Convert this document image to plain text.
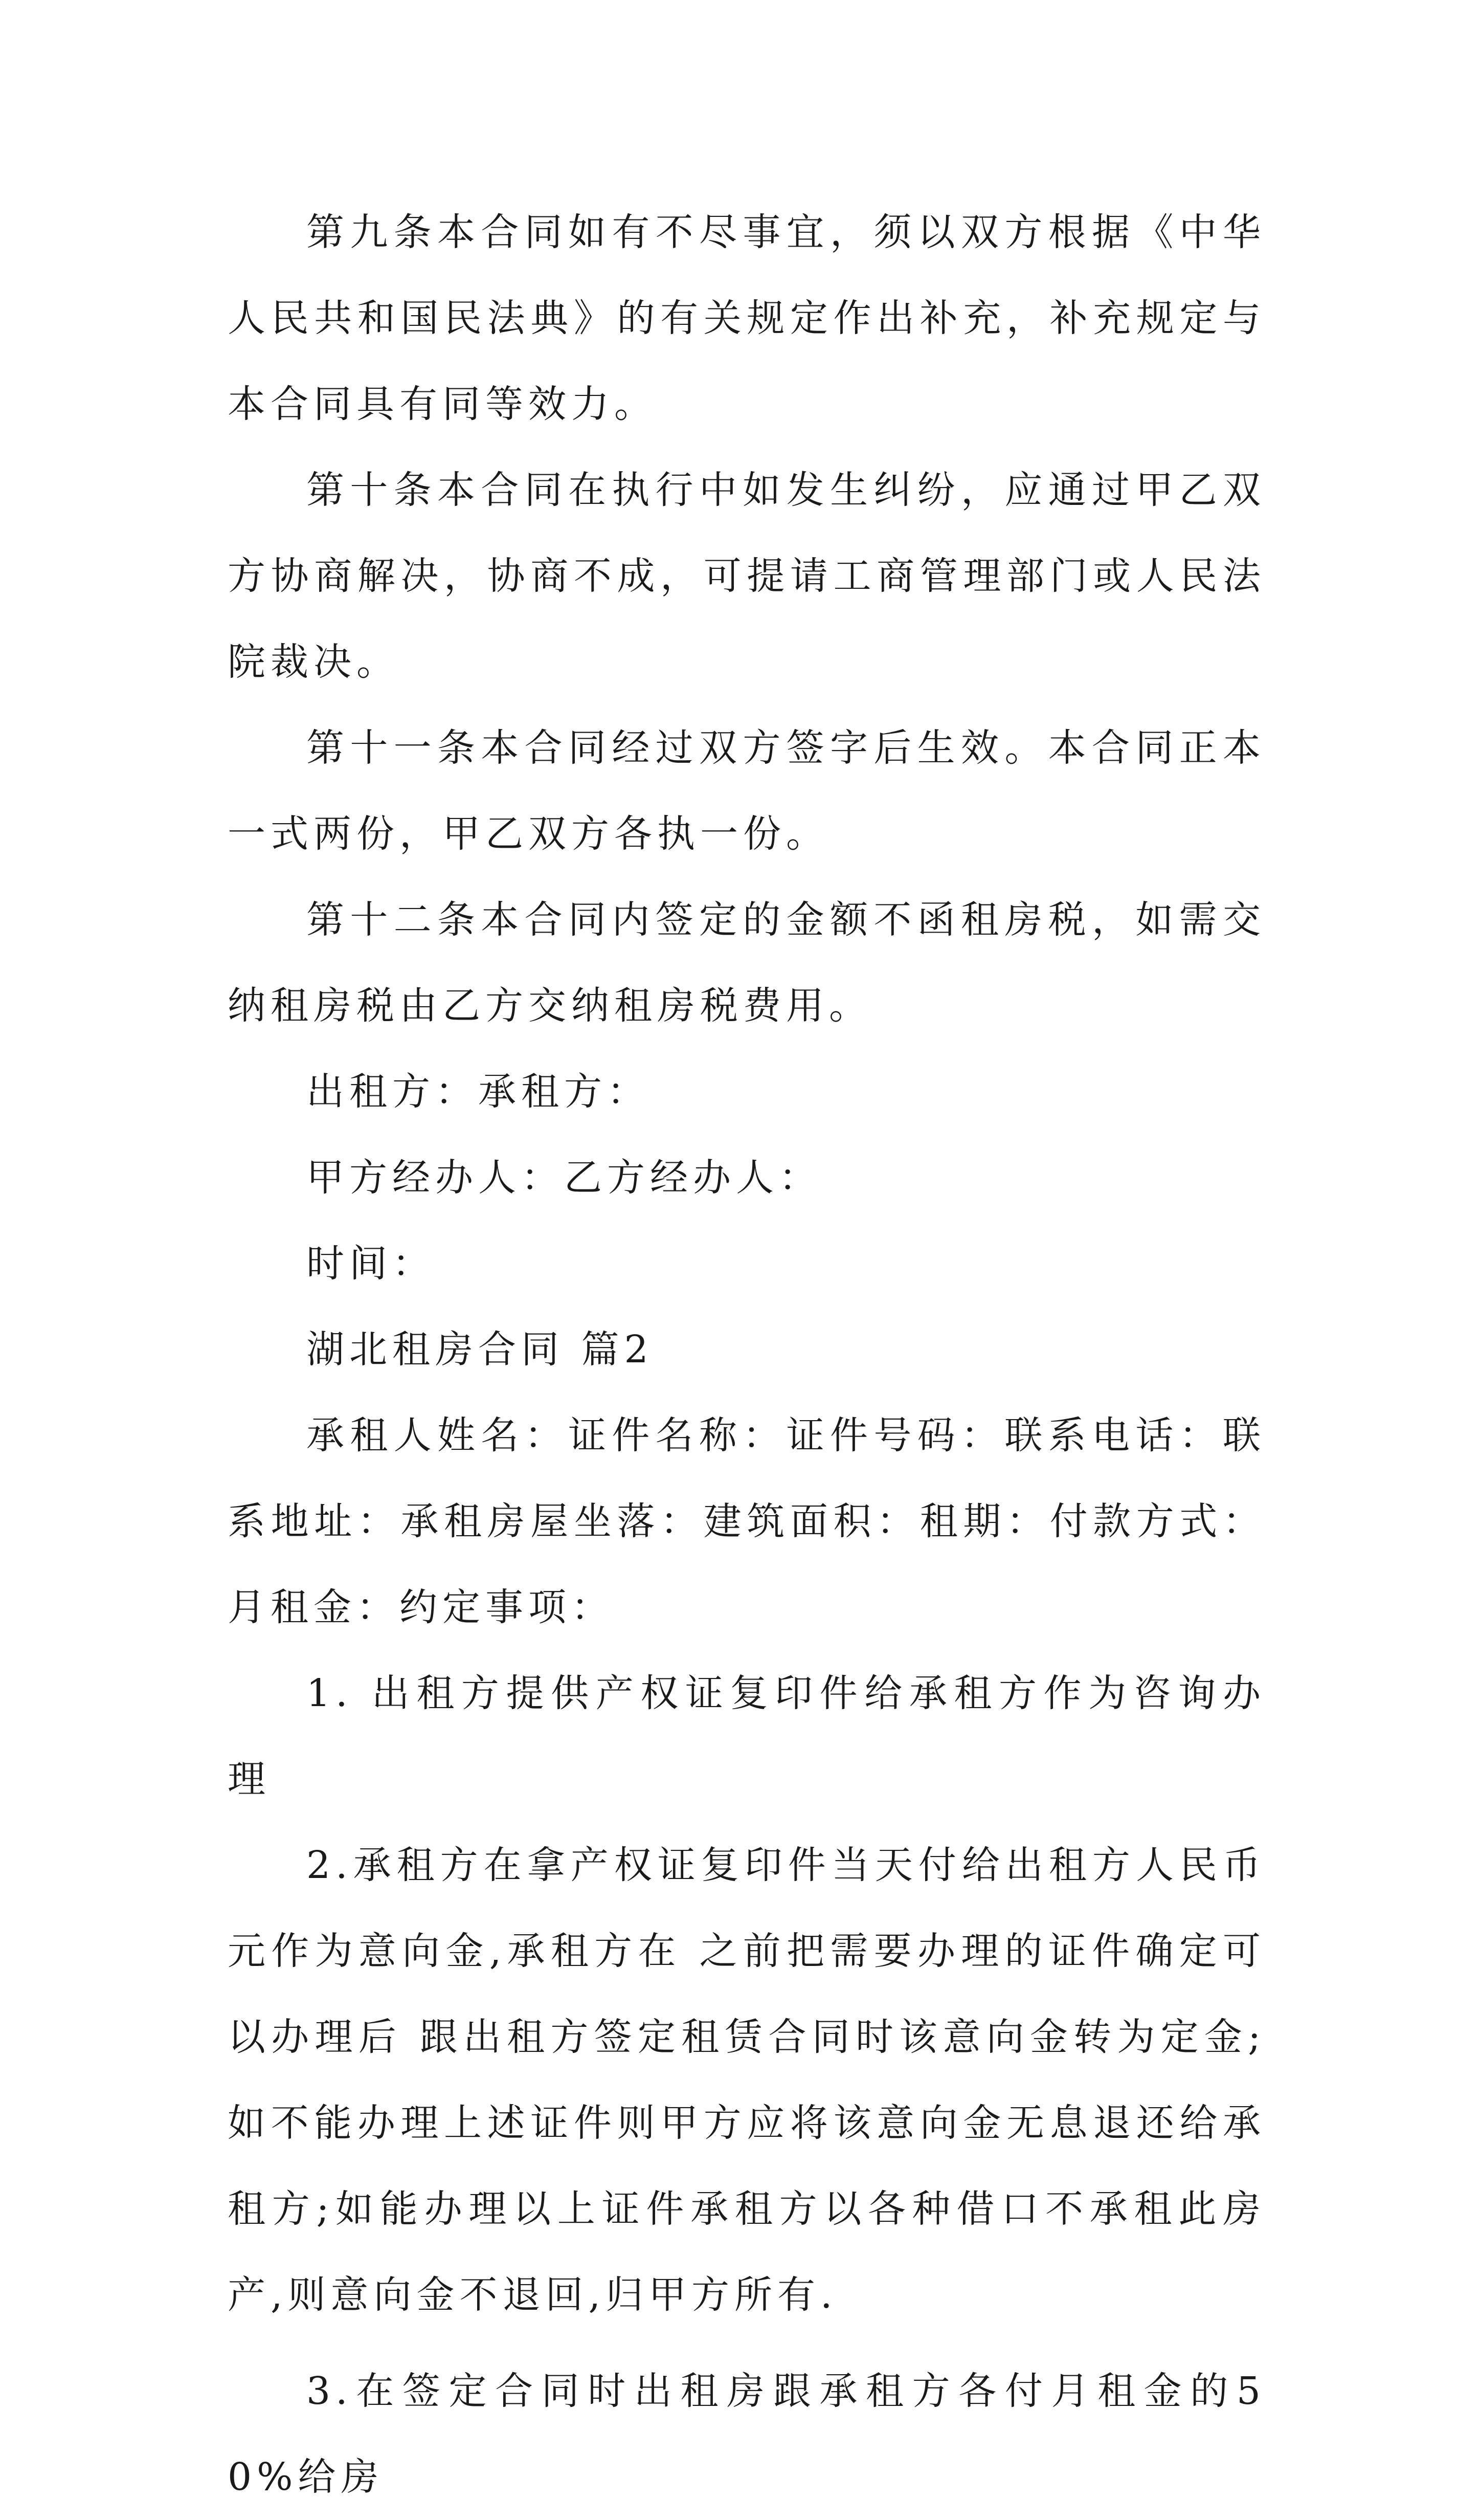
第九条本合同如有不尽事宜，须以双方根据《中华人民共和国民法典》的有关规定作出补充，补充规定与本合同具有同等效力。

第十条本合同在执行中如发生纠纷，应通过甲乙双方协商解决，协商不成，可提请工商管理部门或人民法院裁决。

第十一条本合同经过双方签字后生效。本合同正本一式两份，甲乙双方各执一份。

第十二条本合同内签定的金额不函租房税，如需交纳租房税由乙方交纳租房税费用。

出租方：承租方：

甲方经办人：乙方经办人：

时间：

湖北租房合同 篇2

承租人姓名：证件名称：证件号码：联系电话：联系地址：承租房屋坐落：建筑面积：租期：付款方式：月租金：约定事项：

1. 出租方提供产权证复印件给承租方作为咨询办理

2.承租方在拿产权证复印件当天付给出租方人民币元作为意向金,承租方在 之前把需要办理的证件确定可以办理后 跟出租方签定租赁合同时该意向金转为定金;如不能办理上述证件则甲方应将该意向金无息退还给承租方;如能办理以上证件承租方以各种借口不承租此房产,则意向金不退回,归甲方所有.

3.在签定合同时出租房跟承租方各付月租金的50%给房
